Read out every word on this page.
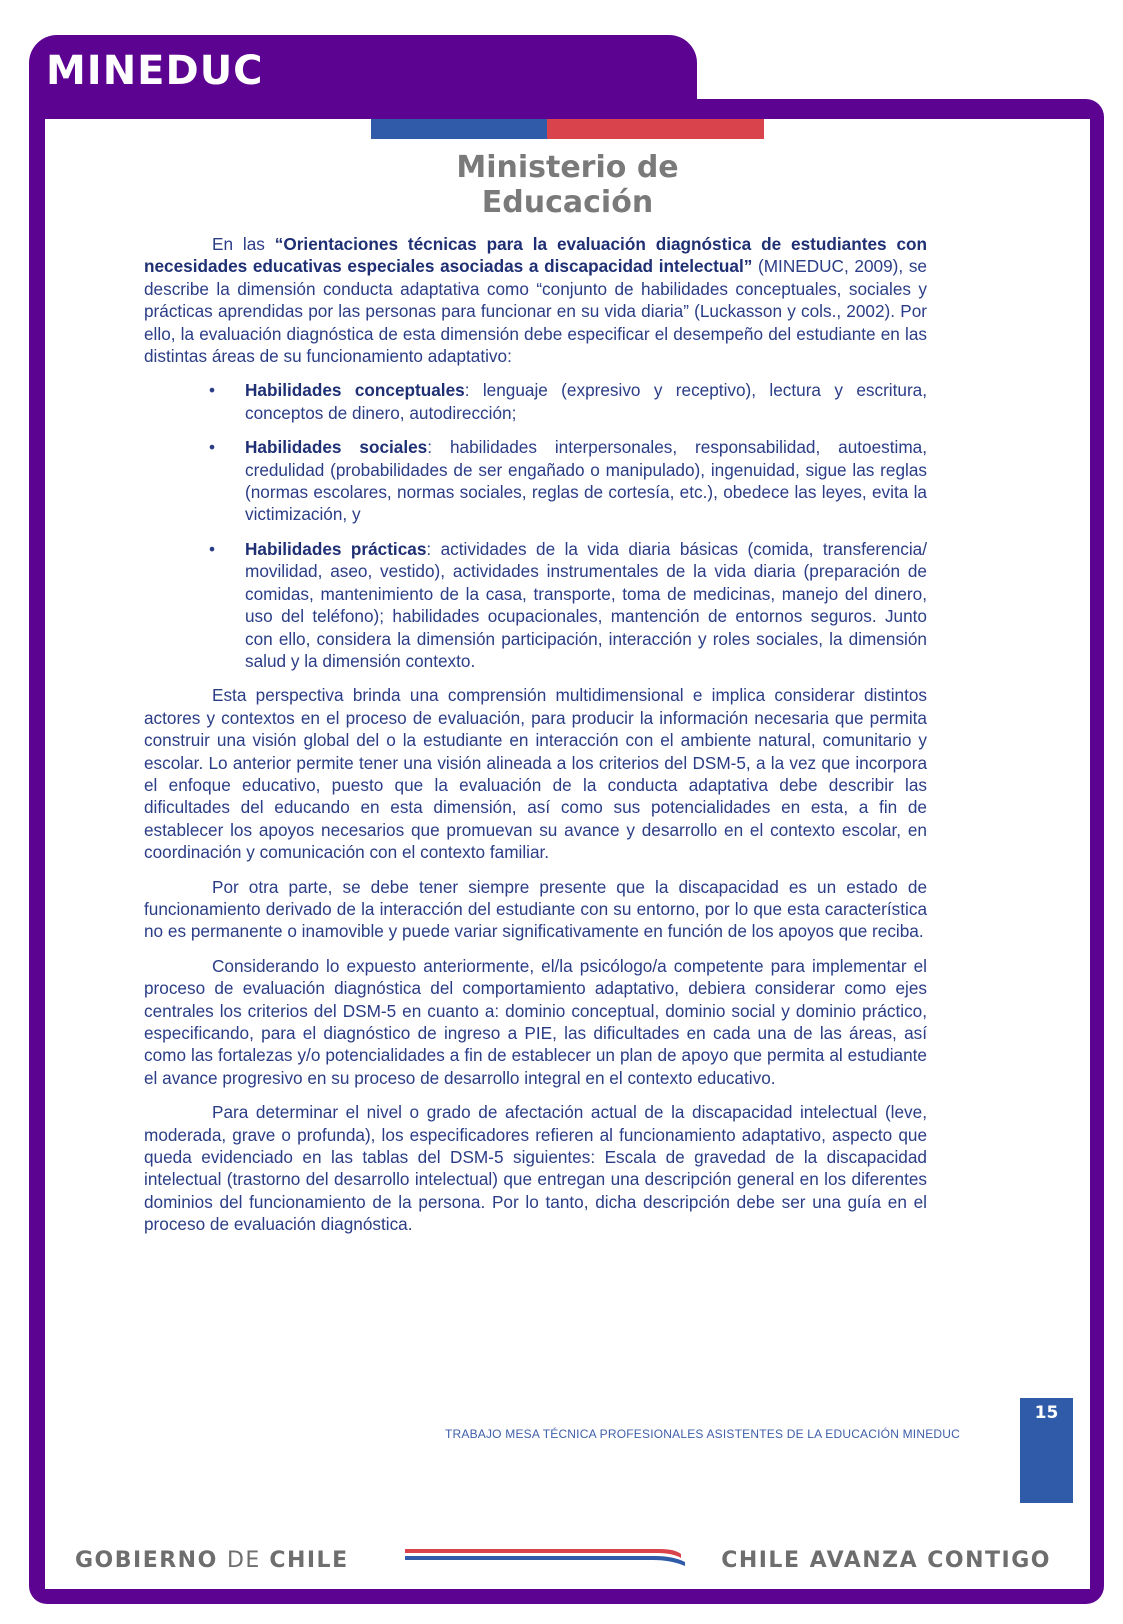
MINEDUC
Ministerio de Educación

En las “Orientaciones técnicas para la evaluación diagnóstica de estudiantes con necesidades educativas especiales asociadas a discapacidad intelectual” (MINEDUC, 2009), se describe la dimensión conducta adaptativa como “conjunto de habilidades conceptuales, sociales y prácticas aprendidas por las personas para funcionar en su vida diaria” (Luckasson y cols., 2002). Por ello, la evaluación diagnóstica de esta dimensión debe especificar el desempeño del estudiante en las distintas áreas de su funcionamiento adaptativo:

• Habilidades conceptuales: lenguaje (expresivo y receptivo), lectura y escritura, conceptos de dinero, autodirección;
• Habilidades sociales: habilidades interpersonales, responsabilidad, autoestima, credulidad (probabilidades de ser engañado o manipulado), ingenuidad, sigue las reglas (normas escolares, normas sociales, reglas de cortesía, etc.), obedece las leyes, evita la victimización, y
• Habilidades prácticas: actividades de la vida diaria básicas (comida, transferencia/ movilidad, aseo, vestido), actividades instrumentales de la vida diaria (preparación de comidas, mantenimiento de la casa, transporte, toma de medicinas, manejo del dinero, uso del teléfono); habilidades ocupacionales, mantención de entornos seguros. Junto con ello, considera la dimensión participación, interacción y roles sociales, la dimensión salud y la dimensión contexto.

Esta perspectiva brinda una comprensión multidimensional e implica considerar distintos actores y contextos en el proceso de evaluación, para producir la información necesaria que permita construir una visión global del o la estudiante en interacción con el ambiente natural, comunitario y escolar. Lo anterior permite tener una visión alineada a los criterios del DSM-5, a la vez que incorpora el enfoque educativo, puesto que la evaluación de la conducta adaptativa debe describir las dificultades del educando en esta dimensión, así como sus potencialidades en esta, a fin de establecer los apoyos necesarios que promuevan su avance y desarrollo en el contexto escolar, en coordinación y comunicación con el contexto familiar.

Por otra parte, se debe tener siempre presente que la discapacidad es un estado de funcionamiento derivado de la interacción del estudiante con su entorno, por lo que esta característica no es permanente o inamovible y puede variar significativamente en función de los apoyos que reciba.

Considerando lo expuesto anteriormente, el/la psicólogo/a competente para implementar el proceso de evaluación diagnóstica del comportamiento adaptativo, debiera considerar como ejes centrales los criterios del DSM-5 en cuanto a: dominio conceptual, dominio social y dominio práctico, especificando, para el diagnóstico de ingreso a PIE, las dificultades en cada una de las áreas, así como las fortalezas y/o potencialidades a fin de establecer un plan de apoyo que permita al estudiante el avance progresivo en su proceso de desarrollo integral en el contexto educativo.

Para determinar el nivel o grado de afectación actual de la discapacidad intelectual (leve, moderada, grave o profunda), los especificadores refieren al funcionamiento adaptativo, aspecto que queda evidenciado en las tablas del DSM-5 siguientes: Escala de gravedad de la discapacidad intelectual (trastorno del desarrollo intelectual) que entregan una descripción general en los diferentes dominios del funcionamiento de la persona. Por lo tanto, dicha descripción debe ser una guía en el proceso de evaluación diagnóstica.

TRABAJO MESA TÉCNICA PROFESIONALES ASISTENTES DE LA EDUCACIÓN MINEDUC
15
GOBIERNO DE CHILE	CHILE AVANZA CONTIGO
